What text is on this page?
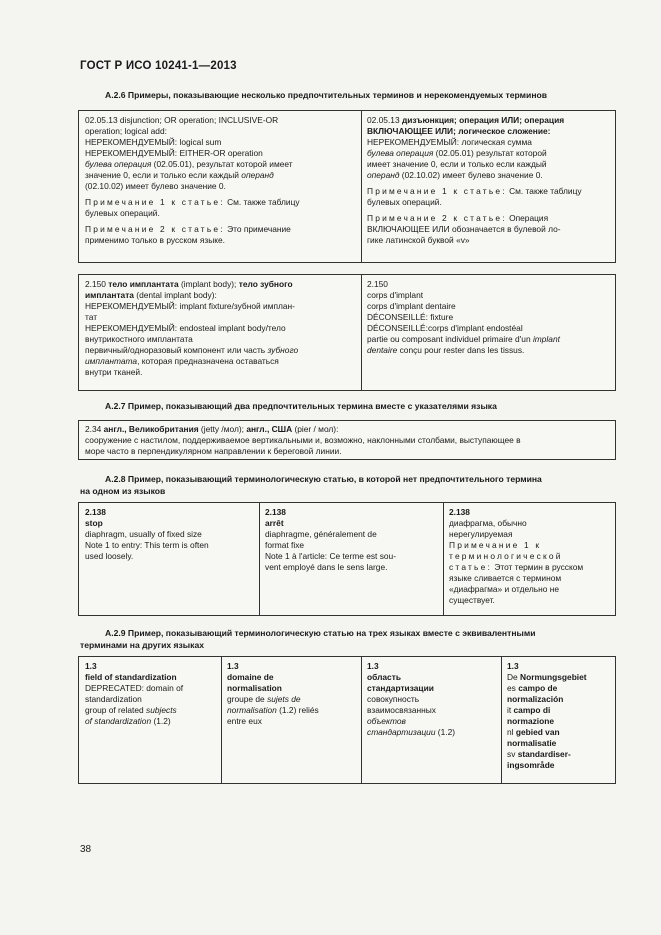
ГОСТ Р ИСО 10241-1—2013
А.2.6 Примеры, показывающие несколько предпочтительных терминов и нерекомендуемых терминов

02.05.13 disjunction; OR operation; INCLUSIVE-OR

operation; logical add:

НЕРЕКОМЕНДУЕМЫЙ: logical sum

НЕРЕКОМЕНДУЕМЫЙ: EITHER-OR operation

булева операция (02.05.01), результат которой имеет

значение 0, если и только если каждый операнд

(02.10.02) имеет булево значение 0.

Примечание 1 к статье: См. также таблицу

булевых операций.

Примечание 2 к статье: Это примечание

применимо только в русском языке.

02.05.13 дизъюнкция; операция ИЛИ; операция

ВКЛЮЧАЮЩЕЕ ИЛИ; логическое сложение:

НЕРЕКОМЕНДУЕМЫЙ: логическая сумма

булева операция (02.05.01) результат которой

имеет значение 0, если и только если каждый

операнд (02.10.02) имеет булево значение 0.

Примечание 1 к статье: См. также таблицу

булевых операций.

Примечание 2 к статье: Операция

ВКЛЮЧАЮЩЕЕ ИЛИ обозначается в булевой ло-

гике латинской буквой «v»

2.150 тело имплантата (implant body); тело зубного

имплантата (dental implant body):

НЕРЕКОМЕНДУЕМЫЙ: implant fixture/зубной имплан-

тат

НЕРЕКОМЕНДУЕМЫЙ: endosteal implant body/тело

внутрикостного имплантата

первичный/одноразовый компонент или часть зубного

имплантата, которая предназначена оставаться

внутри тканей.

2.150

corps d'implant

corps d'implant dentaire

DÉCONSEILLÉ: fixture

DÉCONSEILLÉ:corps d'implant endostéal

partie ou composant individuel primaire d'un implant

dentaire conçu pour rester dans les tissus.

А.2.7 Пример, показывающий два предпочтительных термина вместе с указателями языка

2.34 англ., Великобритания (jetty /мол); англ., США (pier / мол):

сооружение с настилом, поддерживаемое вертикальными и, возможно, наклонными столбами, выступающее в

море часто в перпендикулярном направлении к береговой линии.

А.2.8 Пример, показывающий терминологическую статью, в которой нет предпочтительного термина
на одном из языков

2.138

stop

diaphragm, usually of fixed size

Note 1 to entry: This term is often

used loosely.

2.138

arrêt

diaphragme, généralement de

format fixe

Note 1 à l'article: Ce terme est sou-

vent employé dans le sens large.

2.138

диафрагма, обычно

нерегулируемая

Примечание 1 к

терминологической

статье: Этот термин в русском

языке сливается с термином

«диафрагма» и отдельно не

существует.

А.2.9 Пример, показывающий терминологическую статью на трех языках вместе с эквивалентными
терминами на других языках

1.3

field of standardization

DEPRECATED: domain of

standardization

group of related subjects

of standardization (1.2)

1.3

domaine de

normalisation

groupe de sujets de

normalisation (1.2) reliés

entre eux

1.3

область

стандартизации

совокупность

взаимосвязанных

объектов

стандартизации (1.2)

1.3

De Normungsgebiet

es campo de

normalización

it campo di

normazione

nl gebied van

normalisatie

sv standardiser-

ingsområde

38
